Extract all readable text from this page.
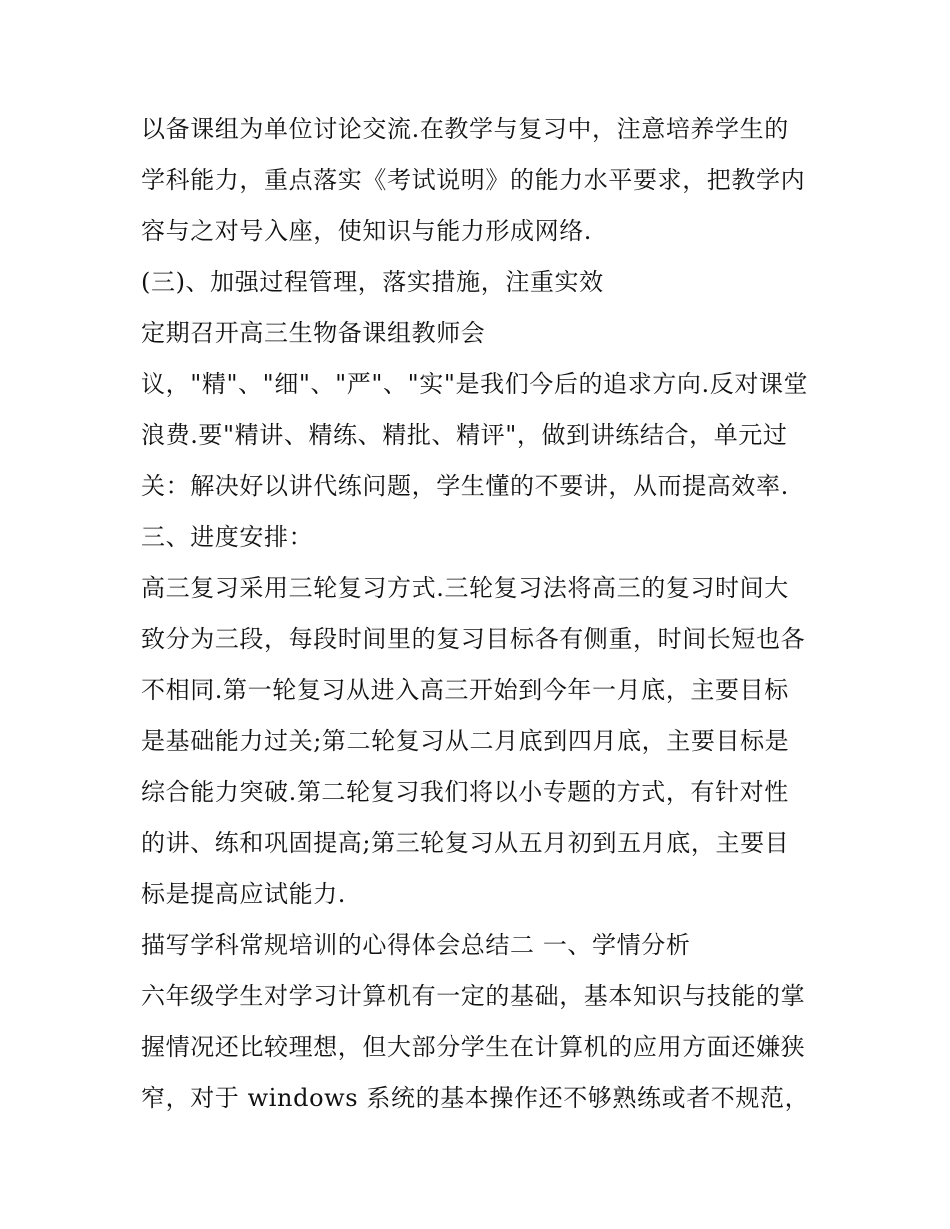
以备课组为单位讨论交流.在教学与复习中，注意培养学生的
学科能力，重点落实《考试说明》的能力水平要求，把教学内
容与之对号入座，使知识与能力形成网络.
(三)、加强过程管理，落实措施，注重实效
定期召开高三生物备课组教师会
议，"精"、"细"、"严"、"实"是我们今后的追求方向.反对课堂
浪费.要"精讲、精练、精批、精评"，做到讲练结合，单元过
关：解决好以讲代练问题，学生懂的不要讲，从而提高效率.
三、进度安排：
高三复习采用三轮复习方式.三轮复习法将高三的复习时间大
致分为三段，每段时间里的复习目标各有侧重，时间长短也各
不相同.第一轮复习从进入高三开始到今年一月底，主要目标
是基础能力过关;第二轮复习从二月底到四月底，主要目标是
综合能力突破.第二轮复习我们将以小专题的方式，有针对性
的讲、练和巩固提高;第三轮复习从五月初到五月底，主要目
标是提高应试能力.
描写学科常规培训的心得体会总结二 一、学情分析
六年级学生对学习计算机有一定的基础，基本知识与技能的掌
握情况还比较理想，但大部分学生在计算机的应用方面还嫌狭
窄，对于 windows 系统的基本操作还不够熟练或者不规范，
